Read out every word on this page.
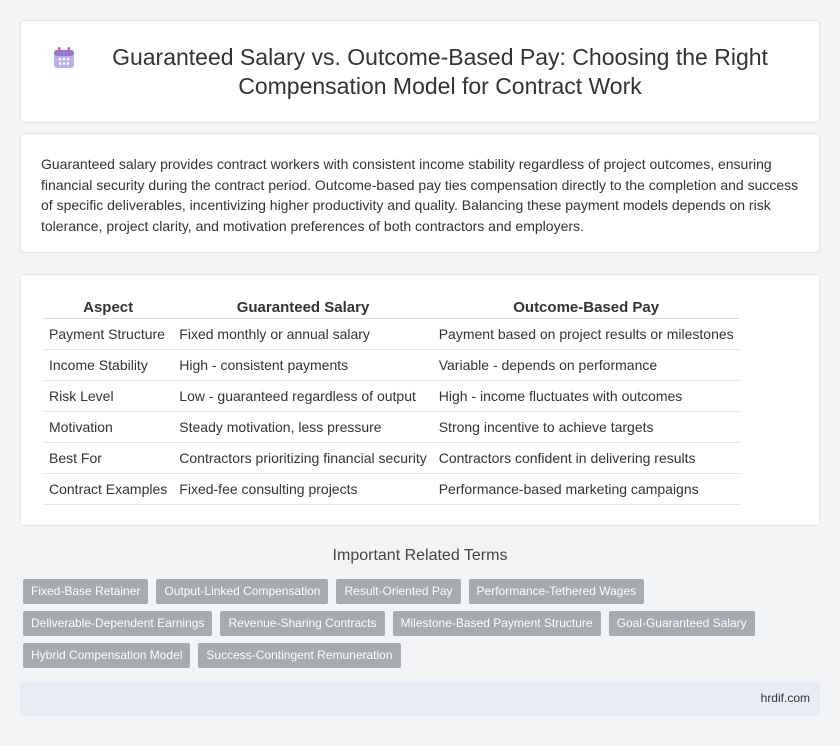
Guaranteed Salary vs. Outcome-Based Pay: Choosing the Right Compensation Model for Contract Work

Guaranteed salary provides contract workers with consistent income stability regardless of project outcomes, ensuring financial security during the contract period. Outcome-based pay ties compensation directly to the completion and success of specific deliverables, incentivizing higher productivity and quality. Balancing these payment models depends on risk tolerance, project clarity, and motivation preferences of both contractors and employers.

Aspect	Guaranteed Salary	Outcome-Based Pay
Payment Structure	Fixed monthly or annual salary	Payment based on project results or milestones
Income Stability	High - consistent payments	Variable - depends on performance
Risk Level	Low - guaranteed regardless of output	High - income fluctuates with outcomes
Motivation	Steady motivation, less pressure	Strong incentive to achieve targets
Best For	Contractors prioritizing financial security	Contractors confident in delivering results
Contract Examples	Fixed-fee consulting projects	Performance-based marketing campaigns
Important Related Terms
Fixed-Base Retainer	Output-Linked Compensation	Result-Oriented Pay	Performance-Tethered Wages
Deliverable-Dependent Earnings	Revenue-Sharing Contracts	Milestone-Based Payment Structure	Goal-Guaranteed Salary
Hybrid Compensation Model	Success-Contingent Remuneration
hrdif.com
